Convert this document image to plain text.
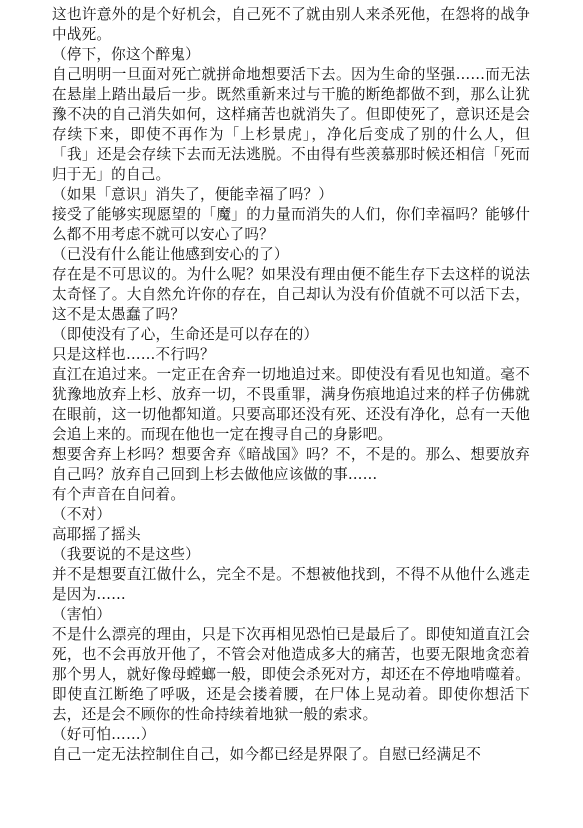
这也许意外的是个好机会，自己死不了就由别人来杀死他，在怨将的战争中战死。

（停下，你这个醉鬼）

自己明明一旦面对死亡就拼命地想要活下去。因为生命的坚强……而无法在悬崖上踏出最后一步。既然重新来过与干脆的断绝都做不到，那么让犹豫不决的自己消失如何，这样痛苦也就消失了。但即使死了，意识还是会存续下来，即使不再作为「上杉景虎」，净化后变成了别的什么人，但「我」还是会存续下去而无法逃脱。不由得有些羡慕那时候还相信「死而归于无」的自己。

（如果「意识」消失了，便能幸福了吗？）

接受了能够实现愿望的「魔」的力量而消失的人们，你们幸福吗？能够什么都不用考虑不就可以安心了吗？

（已没有什么能让他感到安心的了）

存在是不可思议的。为什么呢？如果没有理由便不能生存下去这样的说法太奇怪了。大自然允许你的存在，自己却认为没有价值就不可以活下去，这不是太愚蠢了吗？

（即使没有了心，生命还是可以存在的）

只是这样也……不行吗？

直江在追过来。一定正在舍弃一切地追过来。即使没有看见也知道。毫不犹豫地放弃上杉、放弃一切，不畏重罪，满身伤痕地追过来的样子仿佛就在眼前，这一切他都知道。只要高耶还没有死、还没有净化，总有一天他会追上来的。而现在他也一定在搜寻自己的身影吧。

想要舍弃上杉吗？想要舍弃《暗战国》吗？不，不是的。那么、想要放弃自己吗？放弃自己回到上杉去做他应该做的事……

有个声音在自问着。

（不对）

高耶摇了摇头

（我要说的不是这些）

并不是想要直江做什么，完全不是。不想被他找到，不得不从他什么逃走是因为……

（害怕）

不是什么漂亮的理由，只是下次再相见恐怕已是最后了。即使知道直江会死，也不会再放开他了，不管会对他造成多大的痛苦，也要无限地贪恋着那个男人，就好像母螳螂一般，即使会杀死对方，却还在不停地啃噬着。即使直江断绝了呼吸，还是会搂着腰，在尸体上晃动着。即使你想活下去，还是会不顾你的性命持续着地狱一般的索求。

（好可怕……）

自己一定无法控制住自己，如今都已经是界限了。自慰已经满足不
